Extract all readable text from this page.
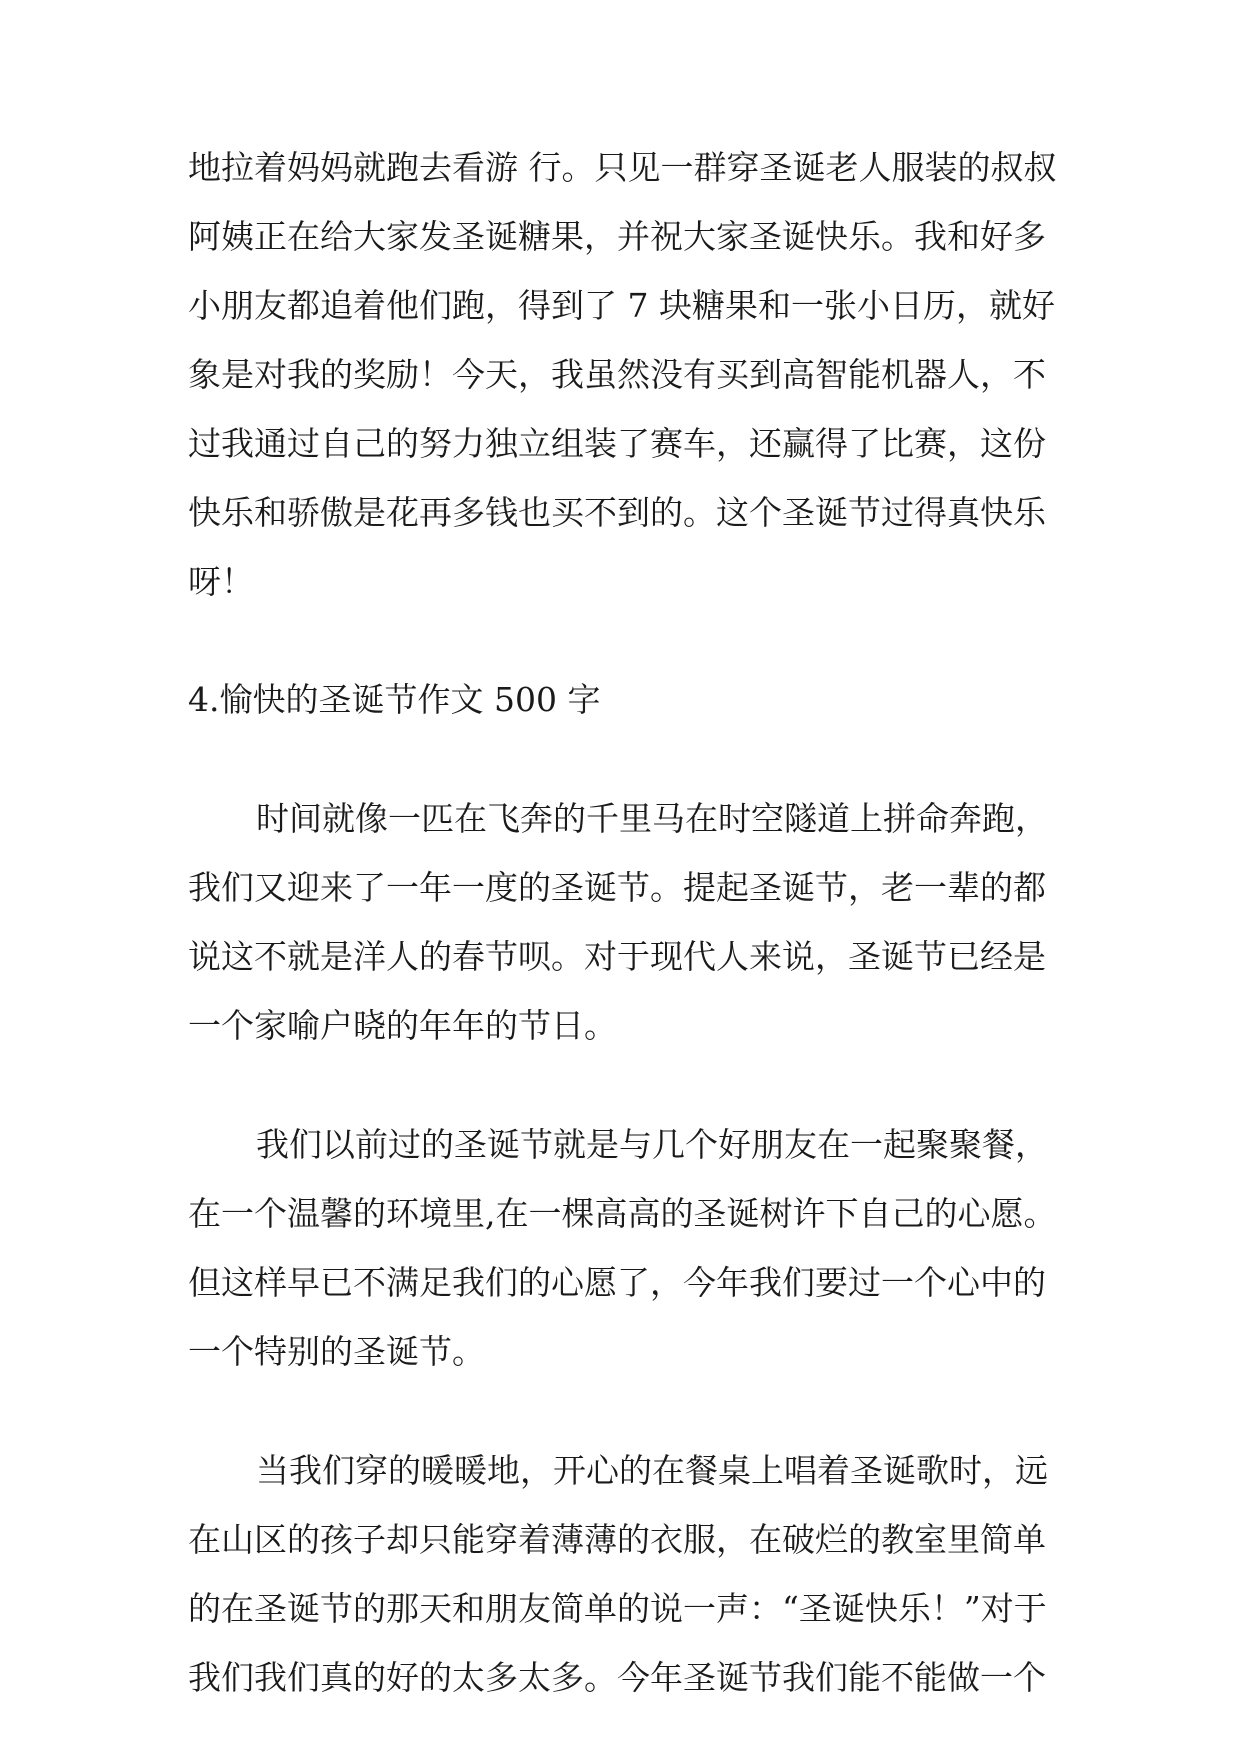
地拉着妈妈就跑去看游 行。只见一群穿圣诞老人服装的叔叔

阿姨正在给大家发圣诞糖果，并祝大家圣诞快乐。我和好多

小朋友都追着他们跑，得到了 7 块糖果和一张小日历，就好

象是对我的奖励！今天，我虽然没有买到高智能机器人，不

过我通过自己的努力独立组装了赛车，还赢得了比赛，这份

快乐和骄傲是花再多钱也买不到的。这个圣诞节过得真快乐

呀！

4.愉快的圣诞节作文 500 字

时间就像一匹在飞奔的千里马在时空隧道上拼命奔跑，

我们又迎来了一年一度的圣诞节。提起圣诞节，老一辈的都

说这不就是洋人的春节呗。对于现代人来说，圣诞节已经是

一个家喻户晓的年年的节日。

我们以前过的圣诞节就是与几个好朋友在一起聚聚餐，

在一个温馨的环境里,在一棵高高的圣诞树许下自己的心愿。

但这样早已不满足我们的心愿了，今年我们要过一个心中的

一个特别的圣诞节。

当我们穿的暖暖地，开心的在餐桌上唱着圣诞歌时，远

在山区的孩子却只能穿着薄薄的衣服，在破烂的教室里简单

的在圣诞节的那天和朋友简单的说一声：“圣诞快乐！”对于

我们我们真的好的太多太多。今年圣诞节我们能不能做一个
